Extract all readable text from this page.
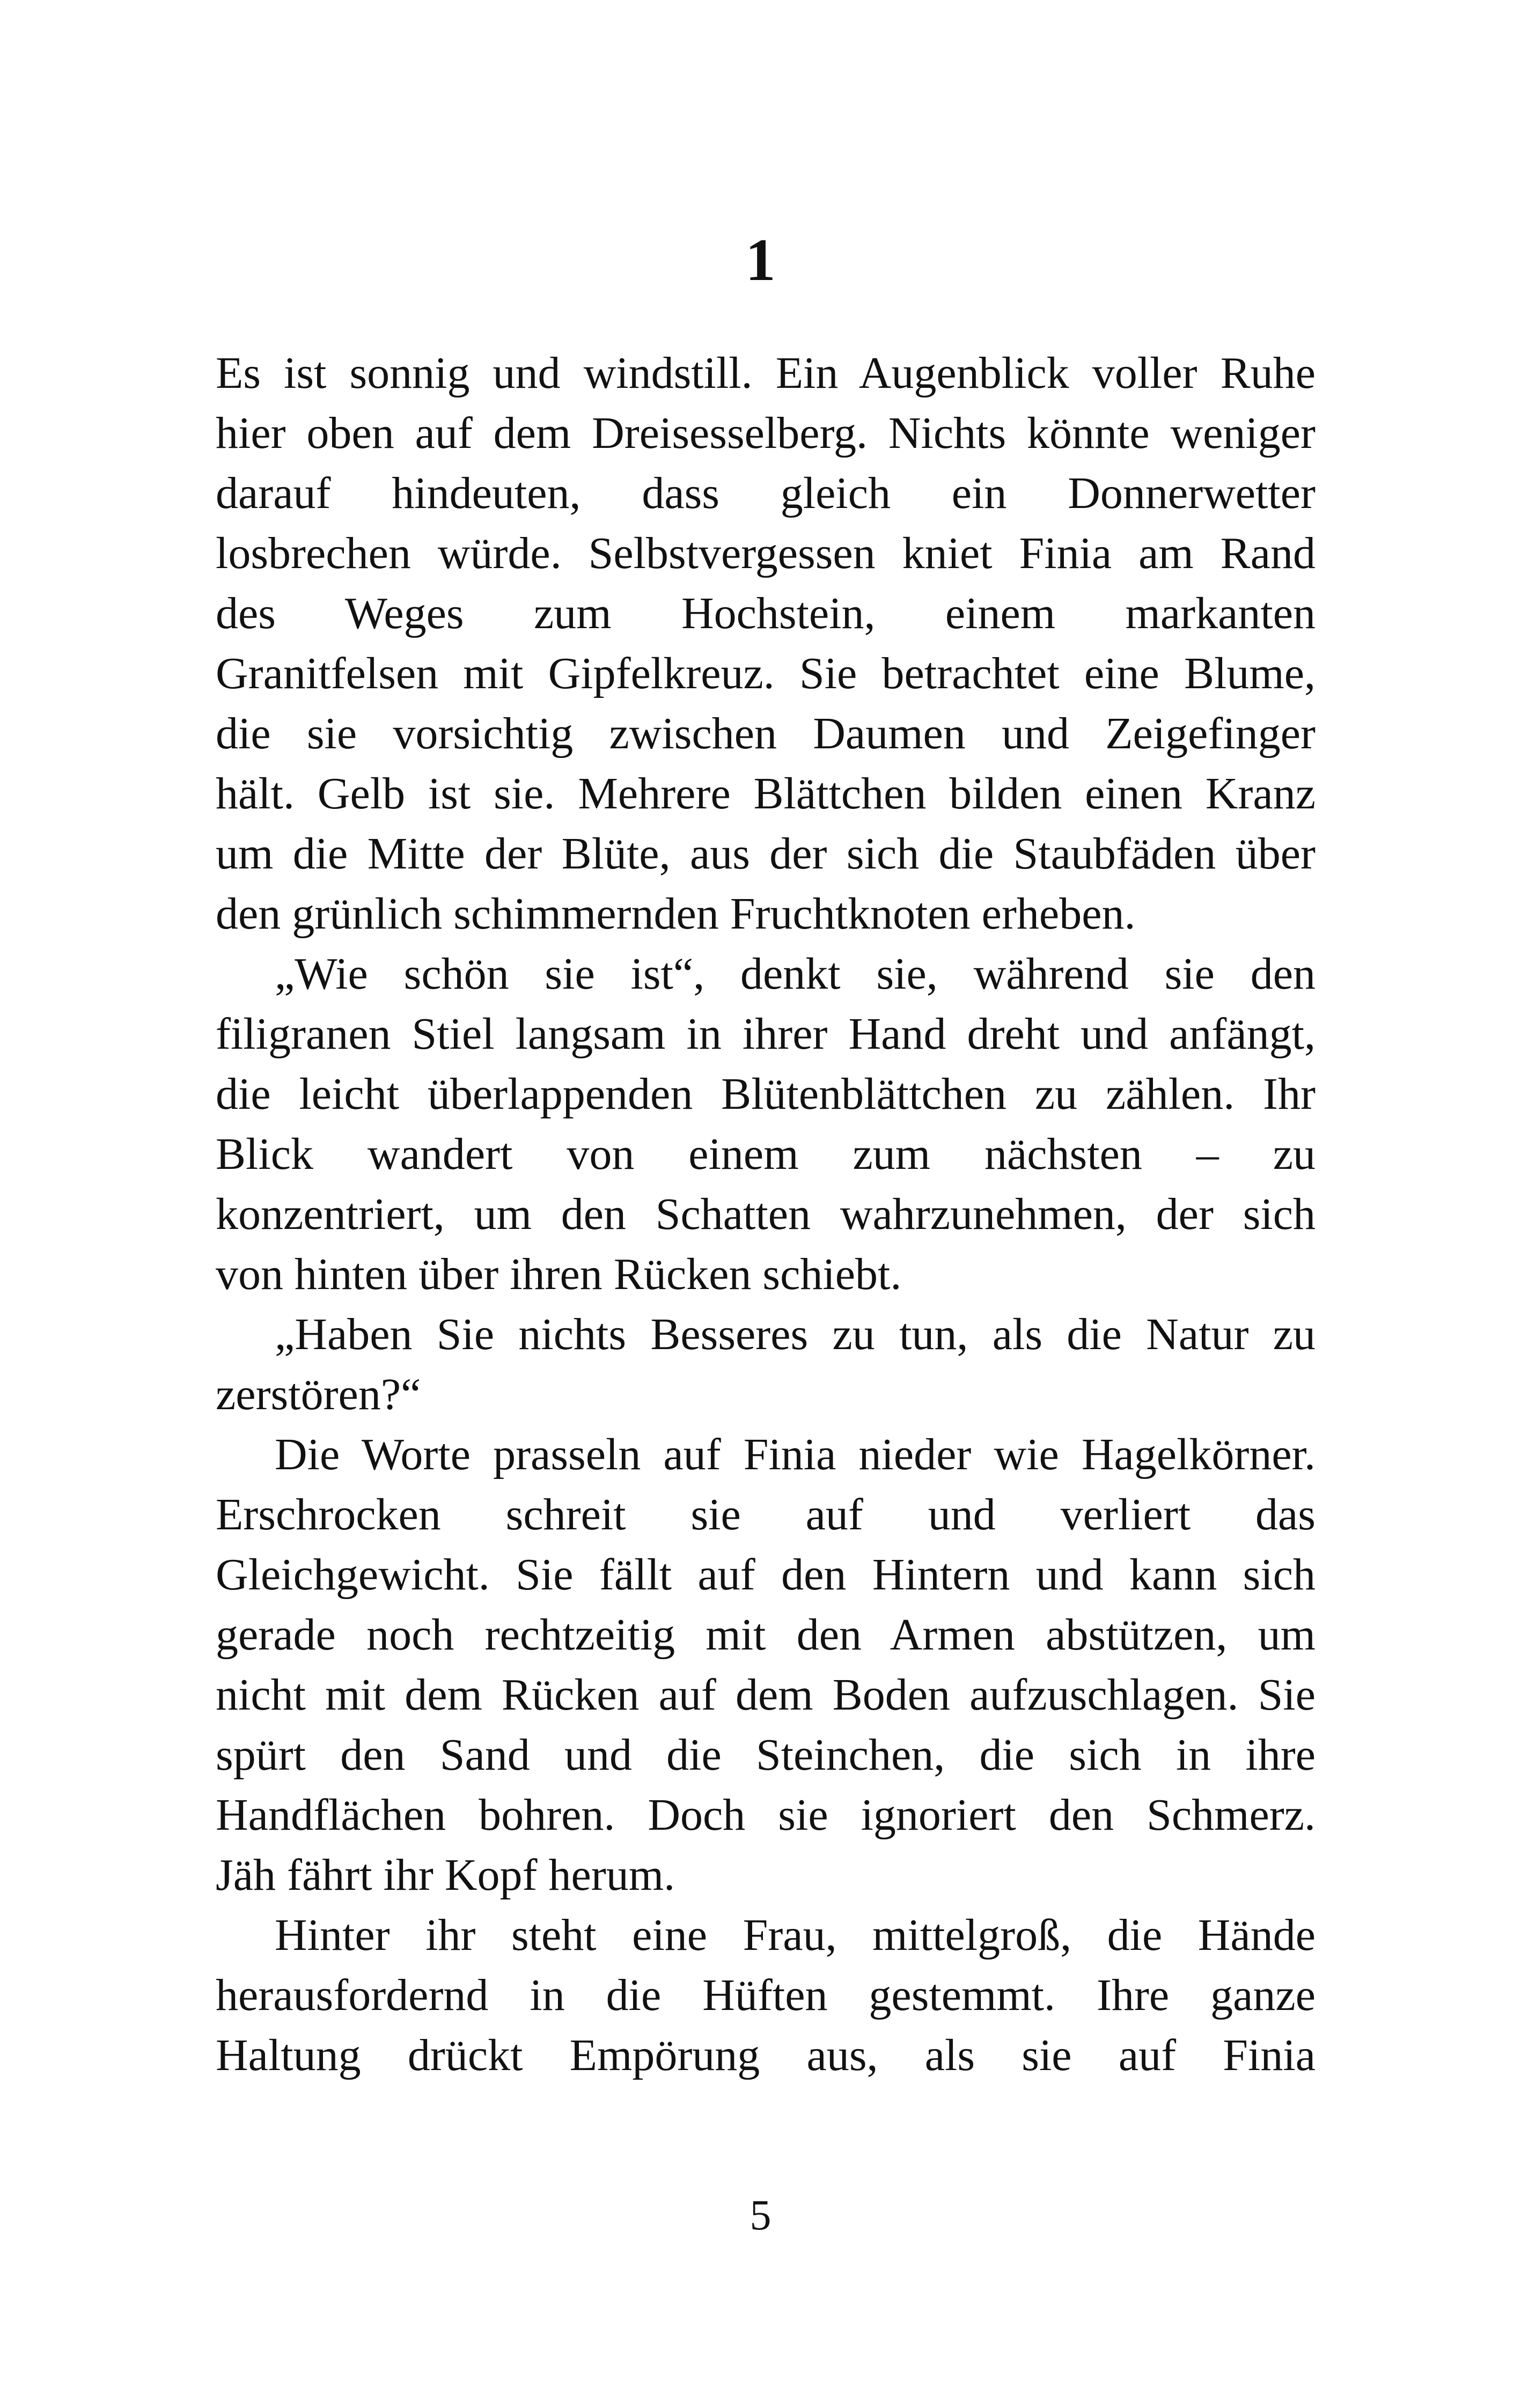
1
Es ist sonnig und windstill. Ein Augenblick voller Ruhe
hier oben auf dem Dreisesselberg. Nichts könnte weniger
darauf hindeuten, dass gleich ein Donnerwetter
losbrechen würde. Selbstvergessen kniet Finia am Rand
des Weges zum Hochstein, einem markanten
Granitfelsen mit Gipfelkreuz. Sie betrachtet eine Blume,
die sie vorsichtig zwischen Daumen und Zeigefinger
hält. Gelb ist sie. Mehrere Blättchen bilden einen Kranz
um die Mitte der Blüte, aus der sich die Staubfäden über
den grünlich schimmernden Fruchtknoten erheben.
„Wie schön sie ist“, denkt sie, während sie den
filigranen Stiel langsam in ihrer Hand dreht und anfängt,
die leicht überlappenden Blütenblättchen zu zählen. Ihr
Blick wandert von einem zum nächsten – zu
konzentriert, um den Schatten wahrzunehmen, der sich
von hinten über ihren Rücken schiebt.
„Haben Sie nichts Besseres zu tun, als die Natur zu
zerstören?“
Die Worte prasseln auf Finia nieder wie Hagelkörner.
Erschrocken schreit sie auf und verliert das
Gleichgewicht. Sie fällt auf den Hintern und kann sich
gerade noch rechtzeitig mit den Armen abstützen, um
nicht mit dem Rücken auf dem Boden aufzuschlagen. Sie
spürt den Sand und die Steinchen, die sich in ihre
Handflächen bohren. Doch sie ignoriert den Schmerz.
Jäh fährt ihr Kopf herum.
Hinter ihr steht eine Frau, mittelgroß, die Hände
herausfordernd in die Hüften gestemmt. Ihre ganze
Haltung drückt Empörung aus, als sie auf Finia
5
